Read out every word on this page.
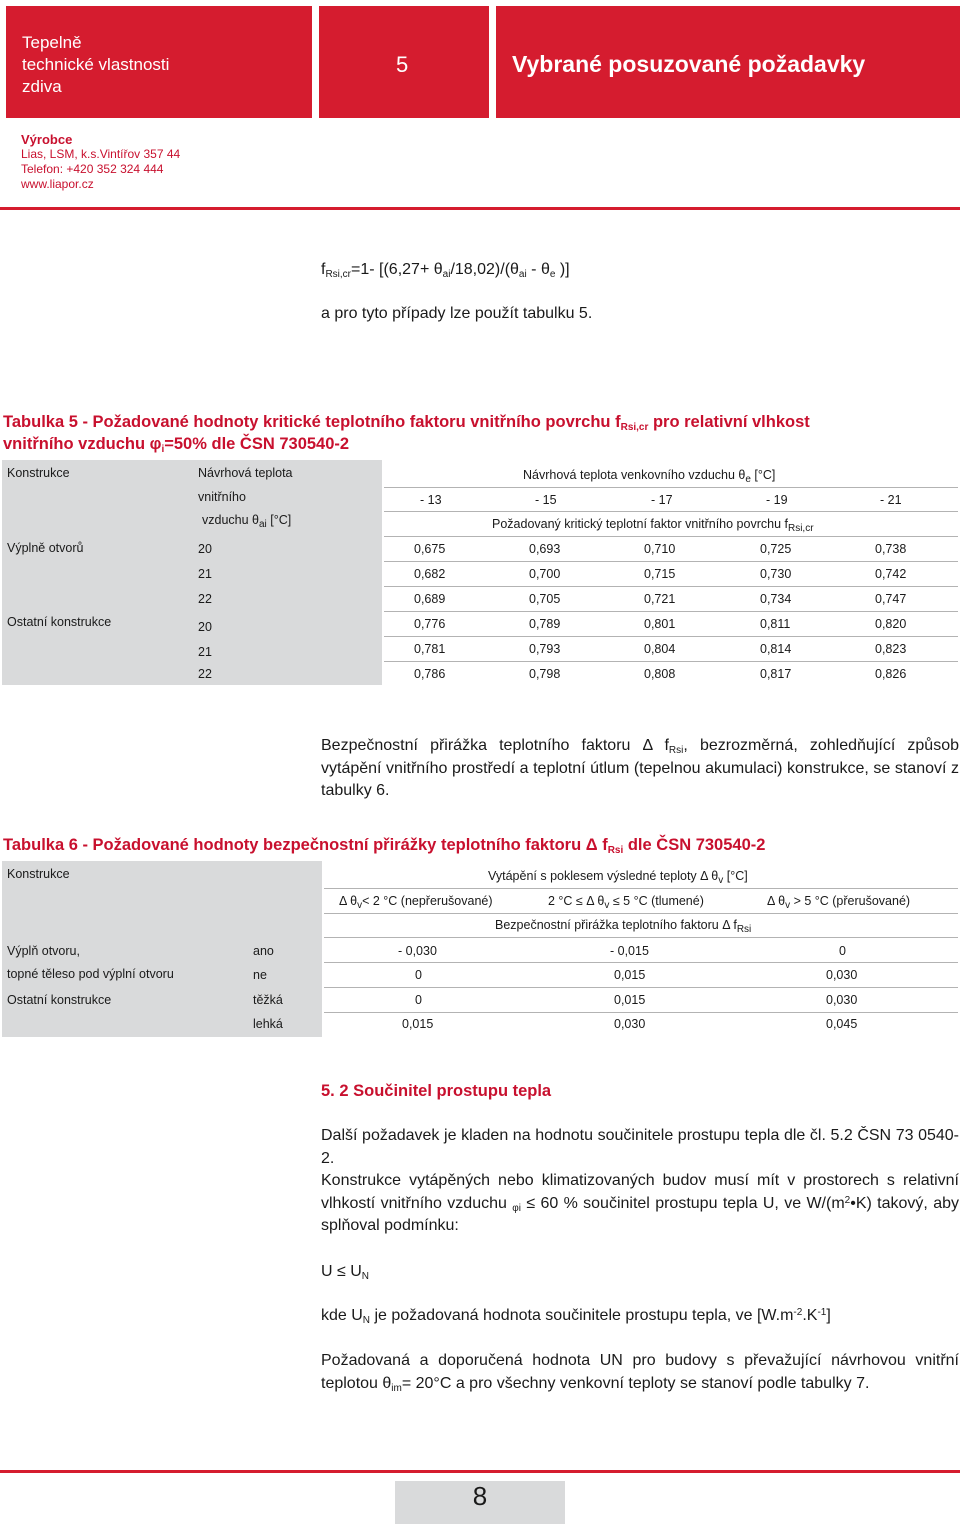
Tepelně
technické vlastnosti
zdiva
5	Vybrané posuzované požadavky
Výrobce
Lias, LSM, k.s.Vintířov 357 44
Telefon: +420 352 324 444
www.liapor.cz
$f_{Rsi,cr}=1-$ [$(6,27+ \theta_{ai}/18,02)/(\theta_{ai} - \theta_e$ )]
a pro tyto případy lze použít tabulku 5.
Tabulka 5 - Požadované hodnoty kritické teplotního faktoru vnitřního povrchu $f_{Rsi,cr}$ pro relativní vlhkost
vnitřního vzduchu $\varphi_i=50\%$ dle ČSN 730540-2
Konstrukce	Návrhová teplota
vnitřního
vzduchu $\theta_{ai}$ [°C]
Návrhová teplota venkovního vzduchu $\theta_e$ [°C]
- 13	- 15	- 17	- 19	- 21
Požadovaný kritický teplotní faktor vnitřního povrchu $f_{Rsi,cr}$
Výplně otvorů
Ostatní konstrukce
20	0,675	0,693	0,710	0,725	0,738
21	0,682	0,700	0,715	0,730	0,742
22	0,689	0,705	0,721	0,734	0,747
20	0,776	0,789	0,801	0,811	0,820
21	0,781	0,793	0,804	0,814	0,823
22	0,786	0,798	0,808	0,817	0,826
Bezpečnostní přirážka teplotního faktoru Δ $f_{Rsi}$, bezrozměrná, zohledňující způsob vytápění vnitřního prostředí a teplotní útlum (tepelnou akumulaci) konstrukce, se stanoví z tabulky 6.
Tabulka 6 - Požadované hodnoty bezpečnostní přirážky teplotního faktoru Δ $f_{Rsi}$ dle ČSN 730540-2
Konstrukce	Vytápění s poklesem výsledné teploty Δ $\theta_v$ [°C]
Δ $\theta_v< 2$ °C (nepřerušované)	2 °C ≤ Δ $\theta_v \le 5$ °C (tlumené)	Δ $\theta_v > 5$ °C (přerušované)
Bezpečnostní přirážka teplotního faktoru Δ $f_{Rsi}$
Výplň otvoru,
topné těleso pod výplní otvoru
Ostatní konstrukce
ano	- 0,030	- 0,015	0
ne	0	0,015	0,030
těžká	0	0,015	0,030
lehká	0,015	0,030	0,045
5. 2 Součinitel prostupu tepla
Další požadavek je kladen na hodnotu součinitele prostupu tepla dle čl. 5.2 ČSN 73 0540-2.
Konstrukce vytápěných nebo klimatizovaných budov musí mít v prostorech s relativní vlhkostí vnitřního vzduchu $_{\varphi i}$ ≤ 60 % součinitel prostupu tepla U, ve $W/(m^2•K)$ takový, aby splňoval podmínku:
$U \le U_N$
kde $U_N$ je požadovaná hodnota součinitele prostupu tepla, ve $[W.m^{-2}.K^{-1}]$
Požadovaná a doporučená hodnota UN pro budovy s převažující návrhovou vnitřní teplotou $\theta_{im}= 20^\circ C$ a pro všechny venkovní teploty se stanoví podle tabulky 7.
8
